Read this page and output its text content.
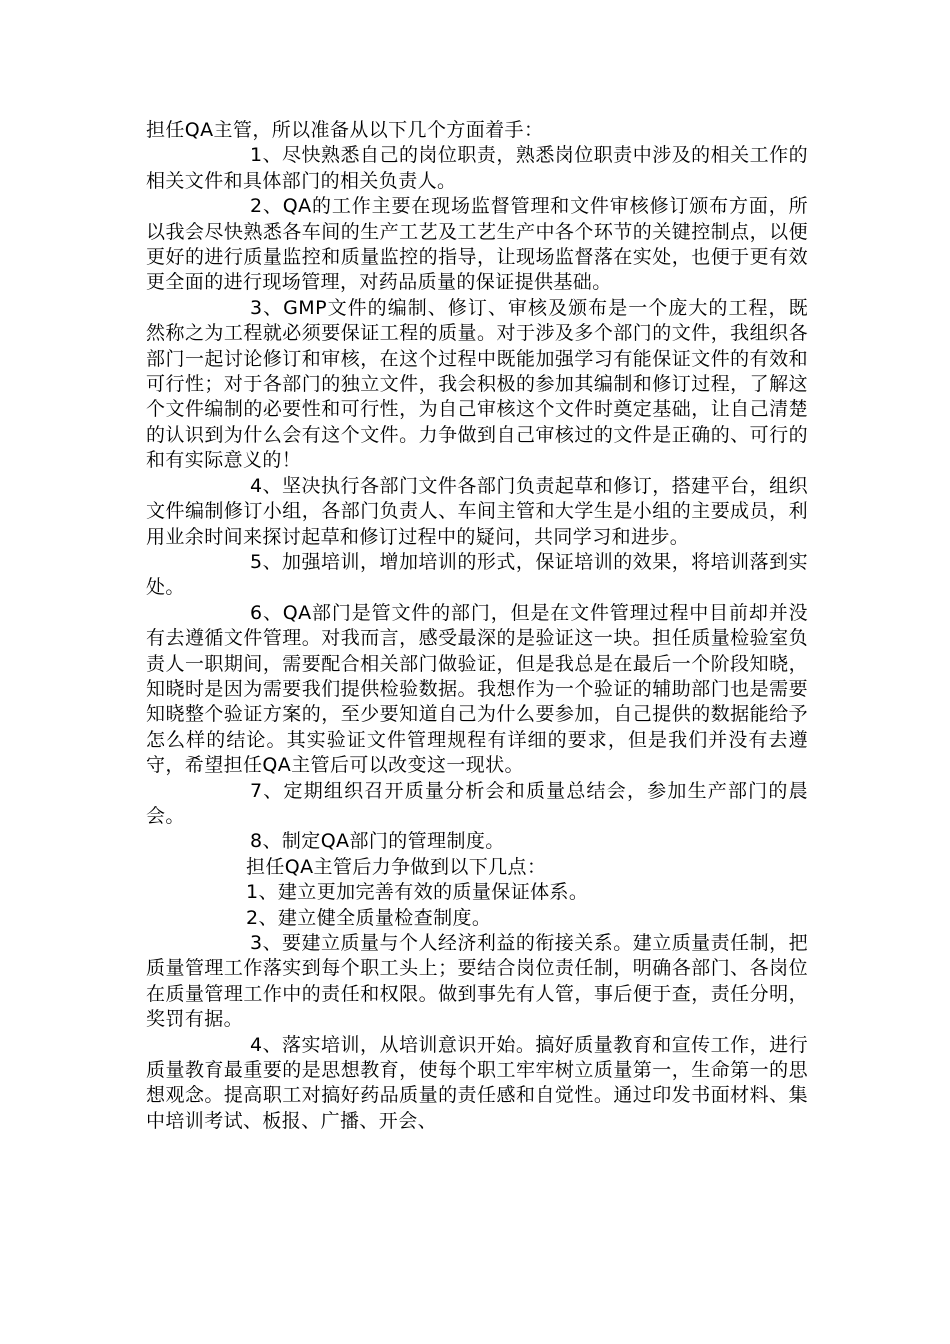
担任QA主管，所以准备从以下几个方面着手：

1、尽快熟悉自己的岗位职责，熟悉岗位职责中涉及的相关工作的相关文件和具体部门的相关负责人。

2、QA的工作主要在现场监督管理和文件审核修订颁布方面，所以我会尽快熟悉各车间的生产工艺及工艺生产中各个环节的关键控制点，以便更好的进行质量监控和质量监控的指导，让现场监督落在实处，也便于更有效更全面的进行现场管理，对药品质量的保证提供基础。

3、GMP文件的编制、修订、审核及颁布是一个庞大的工程，既然称之为工程就必须要保证工程的质量。对于涉及多个部门的文件，我组织各部门一起讨论修订和审核，在这个过程中既能加强学习有能保证文件的有效和可行性；对于各部门的独立文件，我会积极的参加其编制和修订过程，了解这个文件编制的必要性和可行性，为自己审核这个文件时奠定基础，让自己清楚的认识到为什么会有这个文件。力争做到自己审核过的文件是正确的、可行的和有实际意义的！

4、坚决执行各部门文件各部门负责起草和修订，搭建平台，组织文件编制修订小组，各部门负责人、车间主管和大学生是小组的主要成员，利用业余时间来探讨起草和修订过程中的疑问，共同学习和进步。

5、加强培训，增加培训的形式，保证培训的效果，将培训落到实处。

6、QA部门是管文件的部门，但是在文件管理过程中目前却并没有去遵循文件管理。对我而言，感受最深的是验证这一块。担任质量检验室负责人一职期间，需要配合相关部门做验证，但是我总是在最后一个阶段知晓，知晓时是因为需要我们提供检验数据。我想作为一个验证的辅助部门也是需要知晓整个验证方案的，至少要知道自己为什么要参加，自己提供的数据能给予怎么样的结论。其实验证文件管理规程有详细的要求，但是我们并没有去遵守，希望担任QA主管后可以改变这一现状。

7、定期组织召开质量分析会和质量总结会，参加生产部门的晨会。

8、制定QA部门的管理制度。

担任QA主管后力争做到以下几点：

1、建立更加完善有效的质量保证体系。

2、建立健全质量检查制度。

3、要建立质量与个人经济利益的衔接关系。建立质量责任制，把质量管理工作落实到每个职工头上；要结合岗位责任制，明确各部门、各岗位在质量管理工作中的责任和权限。做到事先有人管，事后便于查，责任分明，奖罚有据。

4、落实培训，从培训意识开始。搞好质量教育和宣传工作，进行质量教育最重要的是思想教育，使每个职工牢牢树立质量第一，生命第一的思想观念。提高职工对搞好药品质量的责任感和自觉性。通过印发书面材料、集中培训考试、板报、广播、开会、
